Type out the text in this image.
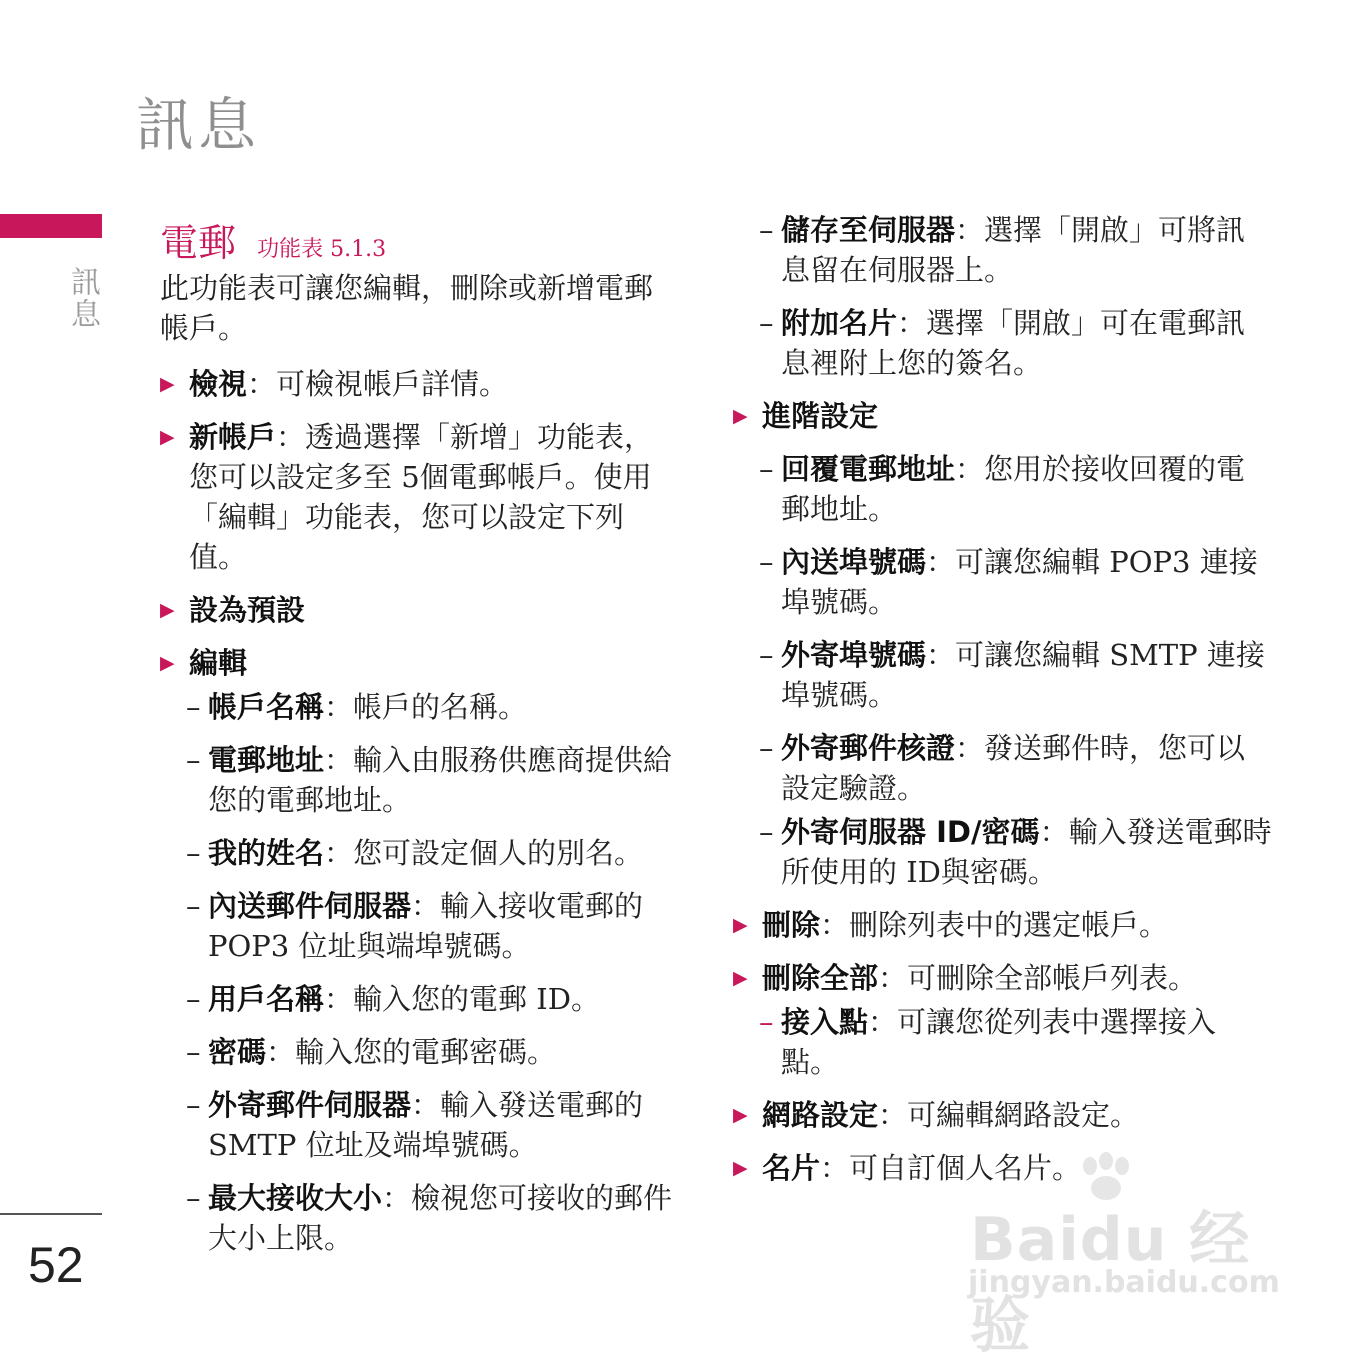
訊息
訊息
52
電郵 功能表 5.1.3

此功能表可讓您編輯，刪除或新增電郵帳戶。

▶ 檢視：可檢視帳戶詳情。
▶ 新帳戶：透過選擇「新增」功能表，您可以設定多至 5個電郵帳戶。使用「編輯」功能表，您可以設定下列值。
▶ 設為預設
▶ 編輯
– 帳戶名稱：帳戶的名稱。
– 電郵地址：輸入由服務供應商提供給您的電郵地址。
– 我的姓名：您可設定個人的別名。
– 內送郵件伺服器：輸入接收電郵的 POP3 位址與端埠號碼。
– 用戶名稱：輸入您的電郵 ID。
– 密碼：輸入您的電郵密碼。
– 外寄郵件伺服器：輸入發送電郵的 SMTP 位址及端埠號碼。
– 最大接收大小：檢視您可接收的郵件大小上限。
– 儲存至伺服器：選擇「開啟」可將訊息留在伺服器上。
– 附加名片：選擇「開啟」可在電郵訊息裡附上您的簽名。
▶ 進階設定
– 回覆電郵地址：您用於接收回覆的電郵地址。
– 內送埠號碼：可讓您編輯 POP3 連接埠號碼。
– 外寄埠號碼：可讓您編輯 SMTP 連接埠號碼。
– 外寄郵件核證：發送郵件時，您可以設定驗證。
– 外寄伺服器 ID/密碼：輸入發送電郵時所使用的 ID與密碼。
▶ 刪除：刪除列表中的選定帳戶。
▶ 刪除全部：可刪除全部帳戶列表。
– 接入點：可讓您從列表中選擇接入點。
▶ 網路設定：可編輯網路設定。
▶ 名片：可自訂個人名片。
Baidu 经验
jingyan.baidu.com
